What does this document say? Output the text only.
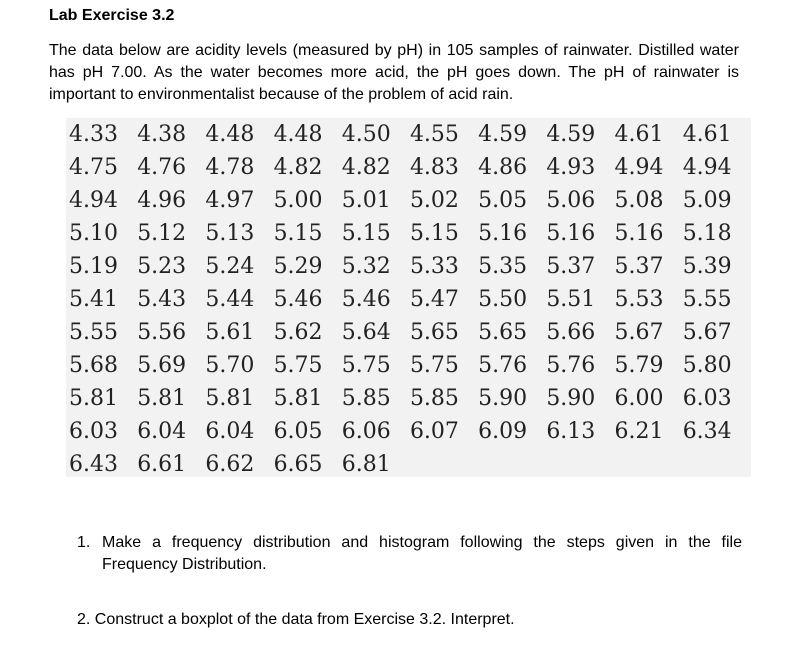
Lab Exercise 3.2

The data below are acidity levels (measured by pH) in 105 samples of rainwater. Distilled water has pH 7.00. As the water becomes more acid, the pH goes down. The pH of rainwater is important to environmentalist because of the problem of acid rain.

4.33	4.38	4.48	4.48	4.50	4.55	4.59	4.59	4.61	4.61
4.75	4.76	4.78	4.82	4.82	4.83	4.86	4.93	4.94	4.94
4.94	4.96	4.97	5.00	5.01	5.02	5.05	5.06	5.08	5.09
5.10	5.12	5.13	5.15	5.15	5.15	5.16	5.16	5.16	5.18
5.19	5.23	5.24	5.29	5.32	5.33	5.35	5.37	5.37	5.39
5.41	5.43	5.44	5.46	5.46	5.47	5.50	5.51	5.53	5.55
5.55	5.56	5.61	5.62	5.64	5.65	5.65	5.66	5.67	5.67
5.68	5.69	5.70	5.75	5.75	5.75	5.76	5.76	5.79	5.80
5.81	5.81	5.81	5.81	5.85	5.85	5.90	5.90	6.00	6.03
6.03	6.04	6.04	6.05	6.06	6.07	6.09	6.13	6.21	6.34
6.43	6.61	6.62	6.65	6.81					
1. Make a frequency distribution and histogram following the steps given in the file Frequency Distribution.
2. Construct a boxplot of the data from Exercise 3.2. Interpret.
